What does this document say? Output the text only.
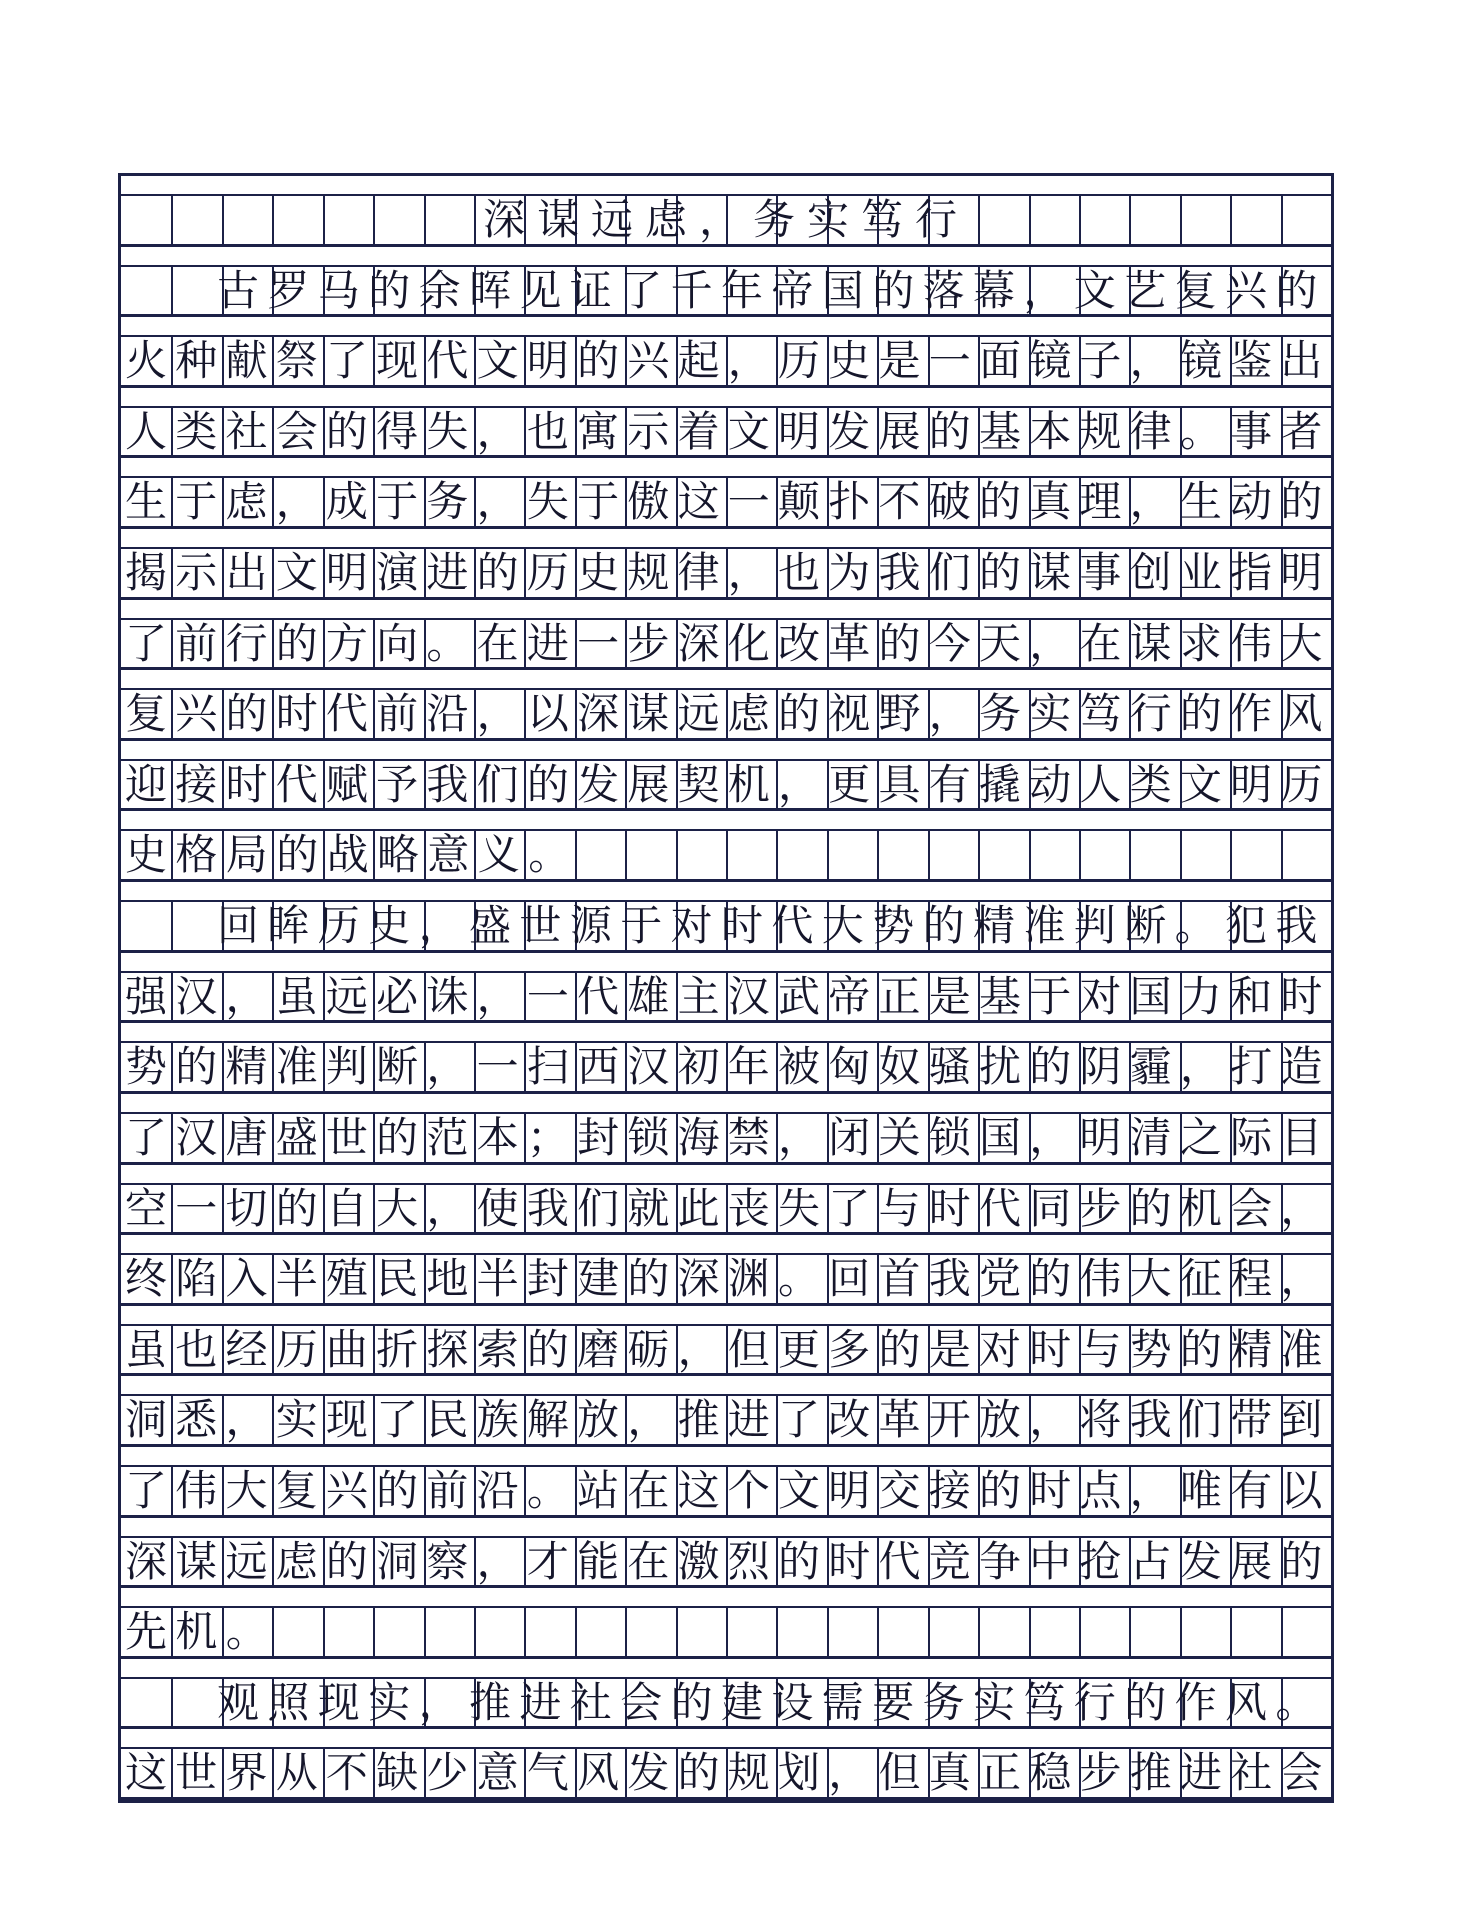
深谋远虑，务实笃行
古罗马的余晖见证了千年帝国的落幕，文艺复兴的
火种献祭了现代文明的兴起，历史是一面镜子，镜鉴出
人类社会的得失，也寓示着文明发展的基本规律。事者
生于虑，成于务，失于傲这一颠扑不破的真理，生动的
揭示出文明演进的历史规律，也为我们的谋事创业指明
了前行的方向。在进一步深化改革的今天，在谋求伟大
复兴的时代前沿，以深谋远虑的视野，务实笃行的作风
迎接时代赋予我们的发展契机，更具有撬动人类文明历
史格局的战略意义。
回眸历史，盛世源于对时代大势的精准判断。犯我
强汉，虽远必诛，一代雄主汉武帝正是基于对国力和时
势的精准判断，一扫西汉初年被匈奴骚扰的阴霾，打造
了汉唐盛世的范本；封锁海禁，闭关锁国，明清之际目
空一切的自大，使我们就此丧失了与时代同步的机会，
终陷入半殖民地半封建的深渊。回首我党的伟大征程，
虽也经历曲折探索的磨砺，但更多的是对时与势的精准
洞悉，实现了民族解放，推进了改革开放，将我们带到
了伟大复兴的前沿。站在这个文明交接的时点，唯有以
深谋远虑的洞察，才能在激烈的时代竞争中抢占发展的
先机。
观照现实，推进社会的建设需要务实笃行的作风。
这世界从不缺少意气风发的规划，但真正稳步推进社会
